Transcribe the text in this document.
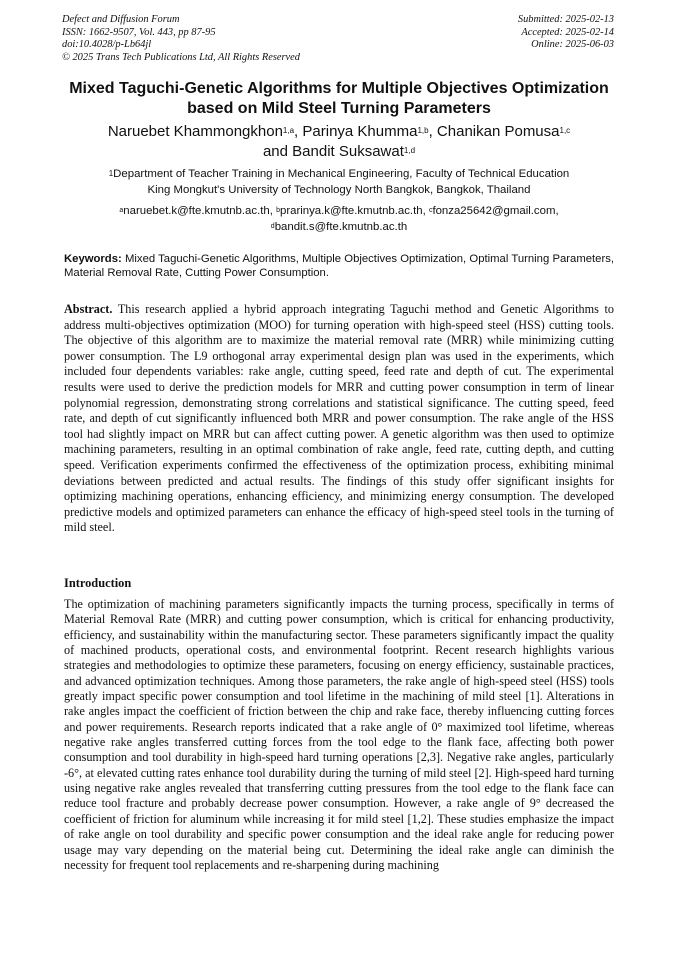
Defect and Diffusion Forum
ISSN: 1662-9507, Vol. 443, pp 87-95
doi:10.4028/p-Lb64jl
© 2025 Trans Tech Publications Ltd, All Rights Reserved
Submitted: 2025-02-13
Accepted: 2025-02-14
Online: 2025-06-03
Mixed Taguchi-Genetic Algorithms for Multiple Objectives Optimization
based on Mild Steel Turning Parameters
Naruebet Khammongkhon$^{1,a}$, Parinya Khumma$^{1,b}$, Chanikan Pomusa$^{1,c}$
and Bandit Suksawat$^{1,d}$
$^1$Department of Teacher Training in Mechanical Engineering, Faculty of Technical Education
King Mongkut's University of Technology North Bangkok, Bangkok, Thailand
$^a$naruebet.k@fte.kmutnb.ac.th, $^b$prarinya.k@fte.kmutnb.ac.th, $^c$fonza25642@gmail.com,
$^d$bandit.s@fte.kmutnb.ac.th
Keywords: Mixed Taguchi-Genetic Algorithms, Multiple Objectives Optimization, Optimal Turning Parameters, Material Removal Rate, Cutting Power Consumption.

Abstract. This research applied a hybrid approach integrating Taguchi method and Genetic Algorithms to address multi-objectives optimization (MOO) for turning operation with high-speed steel (HSS) cutting tools. The objective of this algorithm are to maximize the material removal rate (MRR) while minimizing cutting power consumption. The L9 orthogonal array experimental design plan was used in the experiments, which included four dependents variables: rake angle, cutting speed, feed rate and depth of cut. The experimental results were used to derive the prediction models for MRR and cutting power consumption in term of linear polynomial regression, demonstrating strong correlations and statistical significance. The cutting speed, feed rate, and depth of cut significantly influenced both MRR and power consumption. The rake angle of the HSS tool had slightly impact on MRR but can affect cutting power. A genetic algorithm was then used to optimize machining parameters, resulting in an optimal combination of rake angle, feed rate, cutting depth, and cutting speed. Verification experiments confirmed the effectiveness of the optimization process, exhibiting minimal deviations between predicted and actual results. The findings of this study offer significant insights for optimizing machining operations, enhancing efficiency, and minimizing energy consumption. The developed predictive models and optimized parameters can enhance the efficacy of high-speed steel tools in the turning of mild steel.

Introduction

The optimization of machining parameters significantly impacts the turning process, specifically in terms of Material Removal Rate (MRR) and cutting power consumption, which is critical for enhancing productivity, efficiency, and sustainability within the manufacturing sector. These parameters significantly impact the quality of machined products, operational costs, and environmental footprint. Recent research highlights various strategies and methodologies to optimize these parameters, focusing on energy efficiency, sustainable practices, and advanced optimization techniques. Among those parameters, the rake angle of high-speed steel (HSS) tools greatly impact specific power consumption and tool lifetime in the machining of mild steel [1]. Alterations in rake angles impact the coefficient of friction between the chip and rake face, thereby influencing cutting forces and power requirements. Research reports indicated that a rake angle of 0° maximized tool lifetime, whereas negative rake angles transferred cutting forces from the tool edge to the flank face, affecting both power consumption and tool durability in high-speed hard turning operations [2,3]. Negative rake angles, particularly -6°, at elevated cutting rates enhance tool durability during the turning of mild steel [2]. High-speed hard turning using negative rake angles revealed that transferring cutting pressures from the tool edge to the flank face can reduce tool fracture and probably decrease power consumption. However, a rake angle of 9° decreased the coefficient of friction for aluminum while increasing it for mild steel [1,2]. These studies emphasize the impact of rake angle on tool durability and specific power consumption and the ideal rake angle for reducing power usage may vary depending on the material being cut. Determining the ideal rake angle can diminish the necessity for frequent tool replacements and re-sharpening during machining
